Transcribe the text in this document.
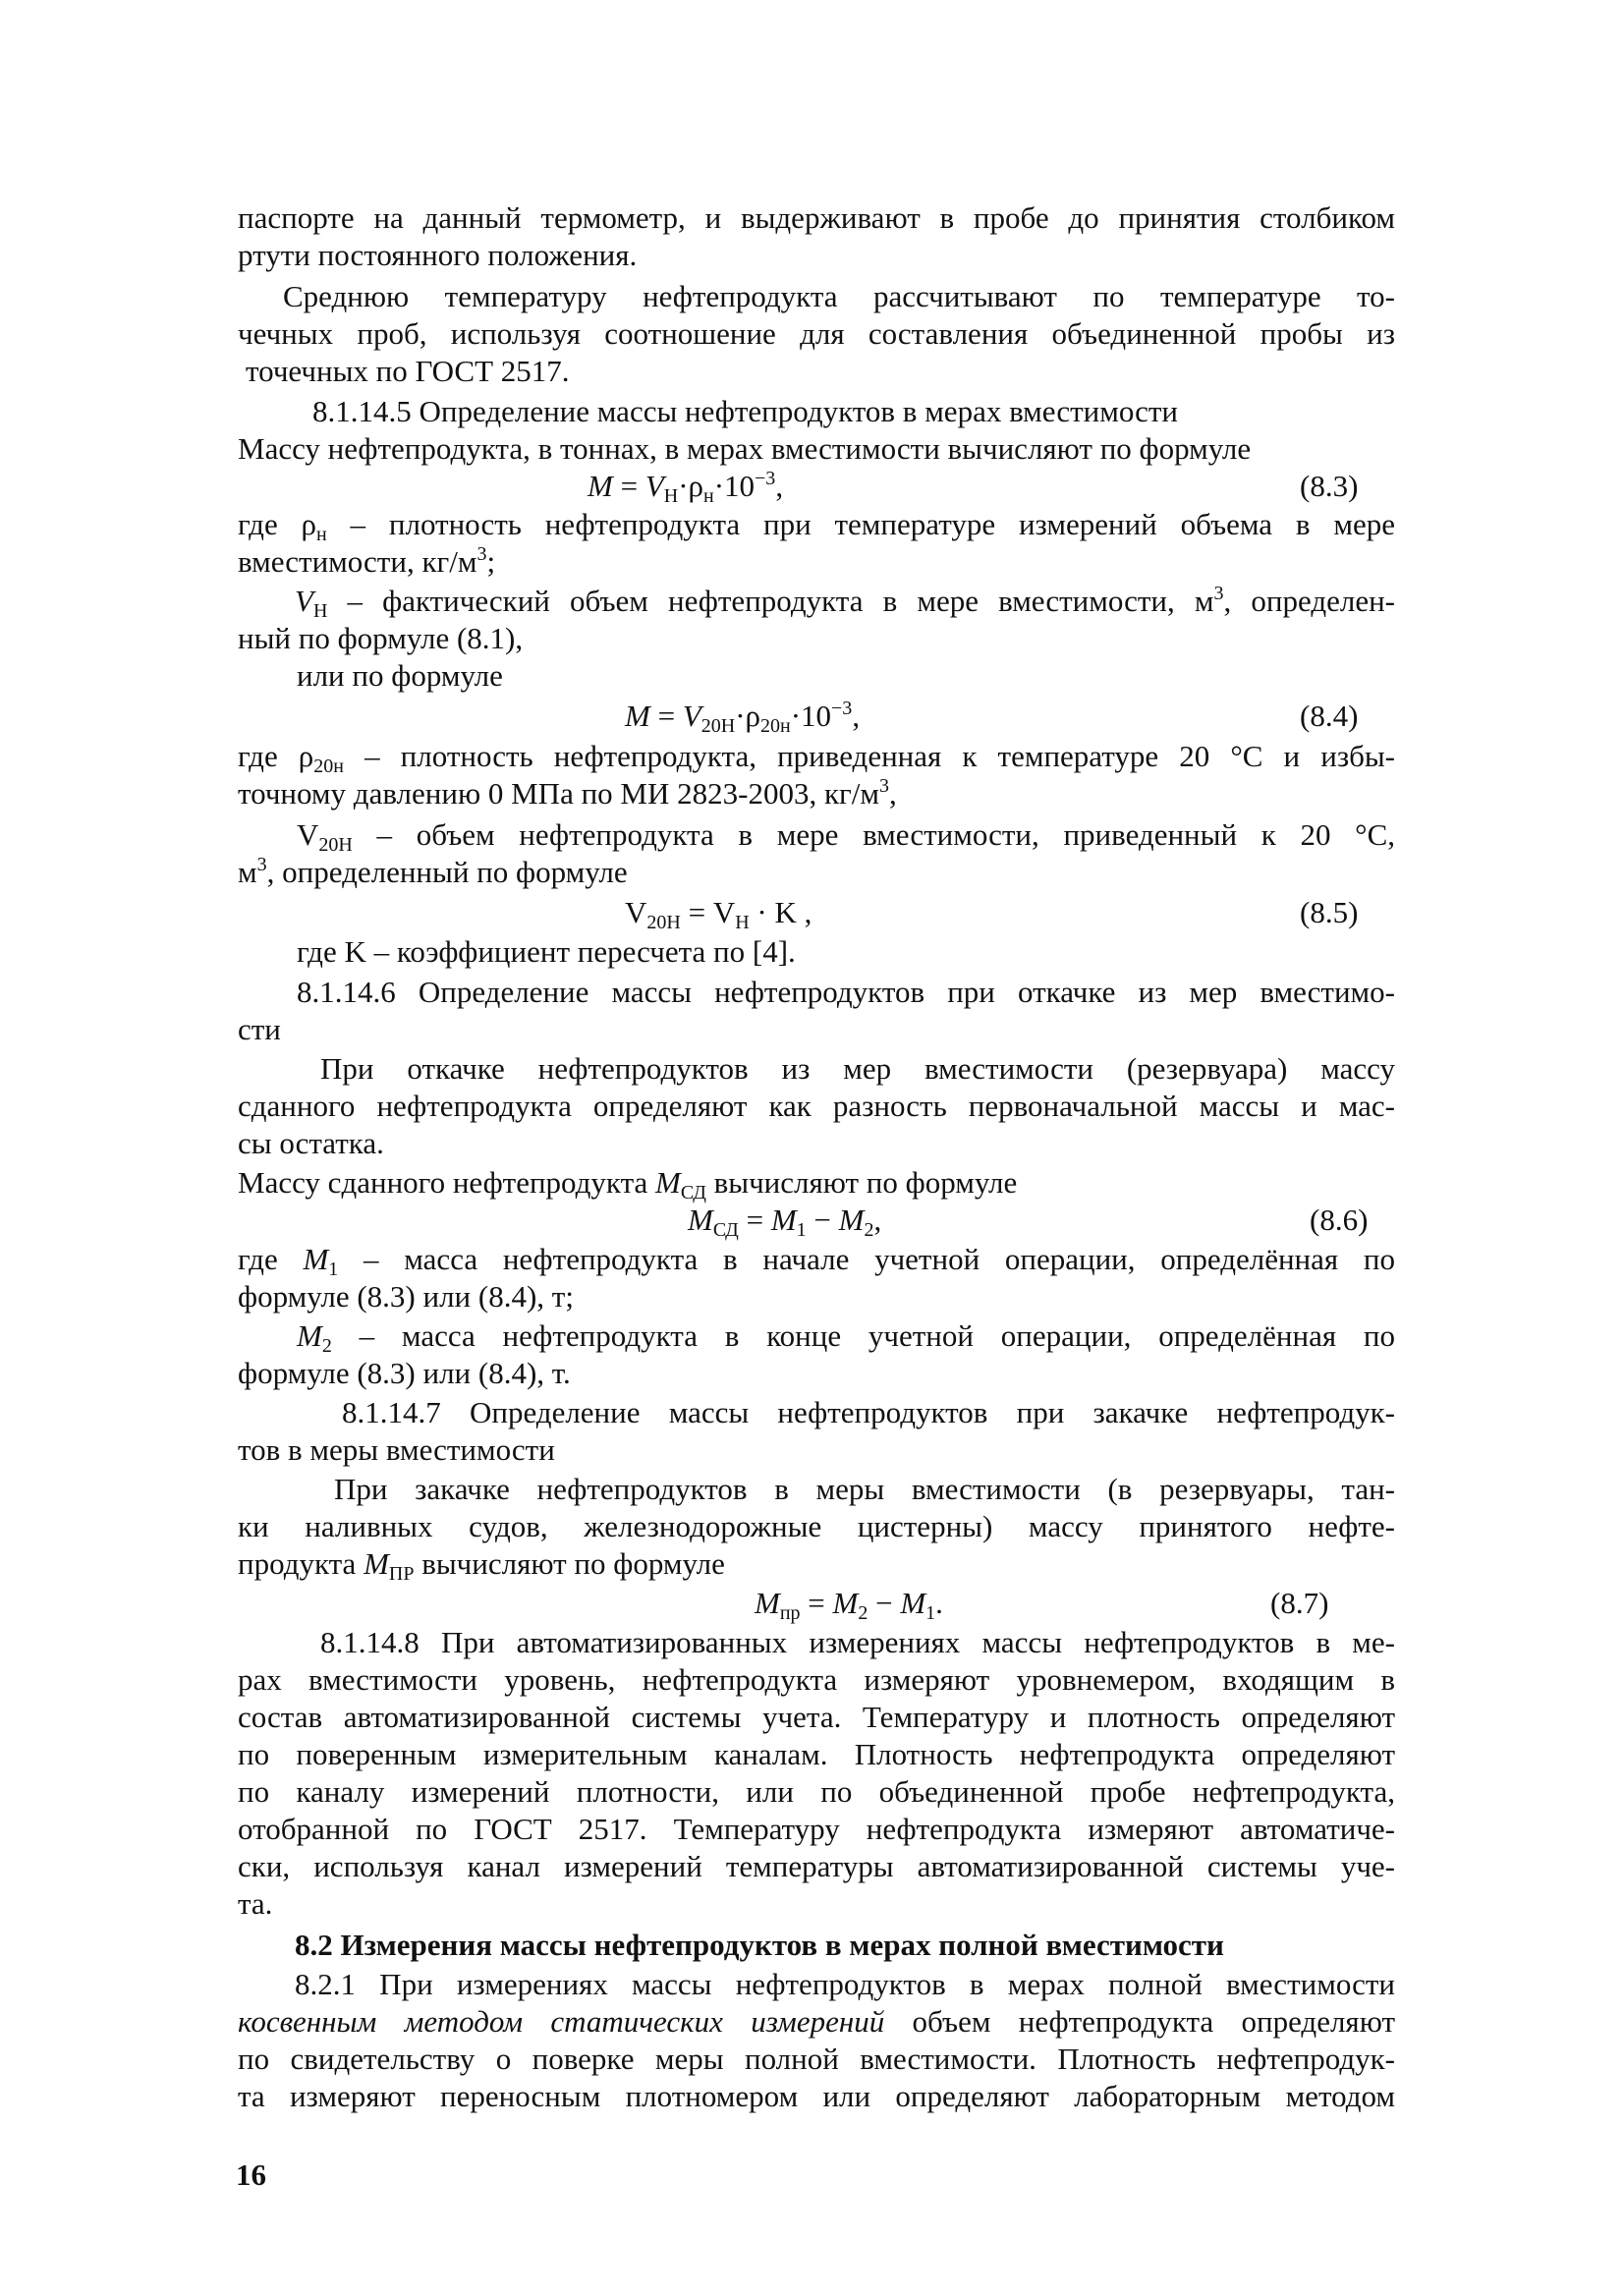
паспорте на данный термометр, и выдерживают в пробе до принятия столбиком
ртути постоянного положения.
Среднюю температуру нефтепродукта рассчитывают по температуре то-
чечных проб, используя соотношение для составления объединенной пробы из
точечных по ГОСТ 2517.
8.1.14.5 Определение массы нефтепродуктов в мерах вместимости
Массу нефтепродукта, в тоннах, в мерах вместимости вычисляют по формуле
$M = V_Н\cdot\rho_н\cdot 10^{-3}$,	(8.3)
где $\rho_н$ – плотность нефтепродукта при температуре измерений объема в мере
вместимости, $кг/м^3$;
$V_Н$ – фактический объем нефтепродукта в мере вместимости, $м^3$, определен-
ный по формуле (8.1),
или по формуле
$M = V_{20Н}\cdot\rho_{20н}\cdot 10^{-3}$,	(8.4)
где $\rho_{20н}$ – плотность нефтепродукта, приведенная к температуре 20 °С и избы-
точному давлению 0 МПа по МИ 2823-2003, $кг/м^3$,
$V_{20Н}$ – объем нефтепродукта в мере вместимости, приведенный к 20 °С,
$м^3$, определенный по формуле
$V_{20Н} = V_Н \cdot K$ ,	(8.5)
где K – коэффициент пересчета по [4].
8.1.14.6 Определение массы нефтепродуктов при откачке из мер вместимо-
сти
При откачке нефтепродуктов из мер вместимости (резервуара) массу
сданного нефтепродукта определяют как разность первоначальной массы и мас-
сы остатка.
Массу сданного нефтепродукта $M_{СД}$ вычисляют по формуле
$M_{СД} = M_1 - M_2$,	(8.6)
где $M_1$ – масса нефтепродукта в начале учетной операции, определённая по
формуле (8.3) или (8.4), т;
$M_2$ – масса нефтепродукта в конце учетной операции, определённая по
формуле (8.3) или (8.4), т.
8.1.14.7 Определение массы нефтепродуктов при закачке нефтепродук-
тов в меры вместимости
При закачке нефтепродуктов в меры вместимости (в резервуары, тан-
ки наливных судов, железнодорожные цистерны) массу принятого нефте-
продукта $M_{ПР}$ вычисляют по формуле
$M_{пр} = M_2 - M_1$.	(8.7)
8.1.14.8 При автоматизированных измерениях массы нефтепродуктов в ме-
рах вместимости уровень, нефтепродукта измеряют уровнемером, входящим в
состав автоматизированной системы учета. Температуру и плотность определяют
по поверенным измерительным каналам. Плотность нефтепродукта определяют
по каналу измерений плотности, или по объединенной пробе нефтепродукта,
отобранной по ГОСТ 2517. Температуру нефтепродукта измеряют автоматиче-
ски, используя канал измерений температуры автоматизированной системы уче-
та.
8.2 Измерения массы нефтепродуктов в мерах полной вместимости
8.2.1 При измерениях массы нефтепродуктов в мерах полной вместимости
косвенным методом статических измерений объем нефтепродукта определяют
по свидетельству о поверке меры полной вместимости. Плотность нефтепродук-
та измеряют переносным плотномером или определяют лабораторным методом
16
